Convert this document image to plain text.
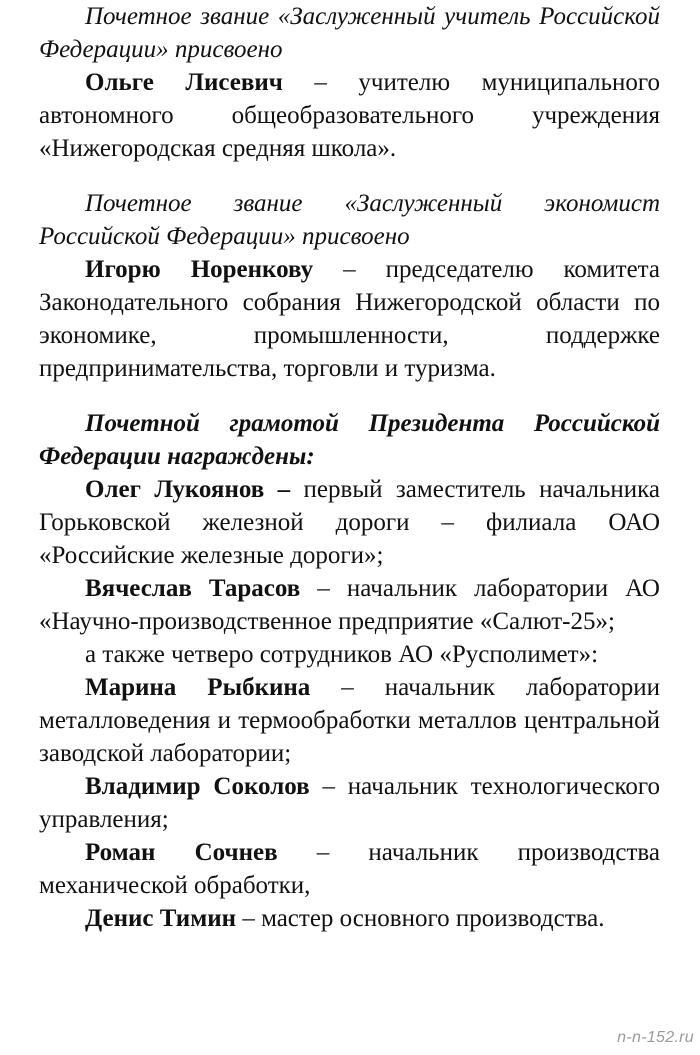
Почетное звание «Заслуженный учитель Российской Федерации» присвоено

Ольге Лисевич – учителю муниципального автономного общеобразовательного учреждения «Нижегородская средняя школа».

Почетное звание «Заслуженный экономист Российской Федерации» присвоено

Игорю Норенкову – председателю комитета Законодательного собрания Нижегородской области по экономике, промышленности, поддержке предпринимательства, торговли и туризма.

Почетной грамотой Президента Российской Федерации награждены:

Олег Лукоянов – первый заместитель начальника Горьковской железной дороги – филиала ОАО «Российские железные дороги»;

Вячеслав Тарасов – начальник лаборатории АО «Научно-производственное предприятие «Салют-25»;

а также четверо сотрудников АО «Русполимет»:

Марина Рыбкина – начальник лаборатории металловедения и термообработки металлов центральной заводской лаборатории;

Владимир Соколов – начальник технологического управления;

Роман Сочнев – начальник производства механической обработки,

Денис Тимин – мастер основного производства.

n-n-152.ru
